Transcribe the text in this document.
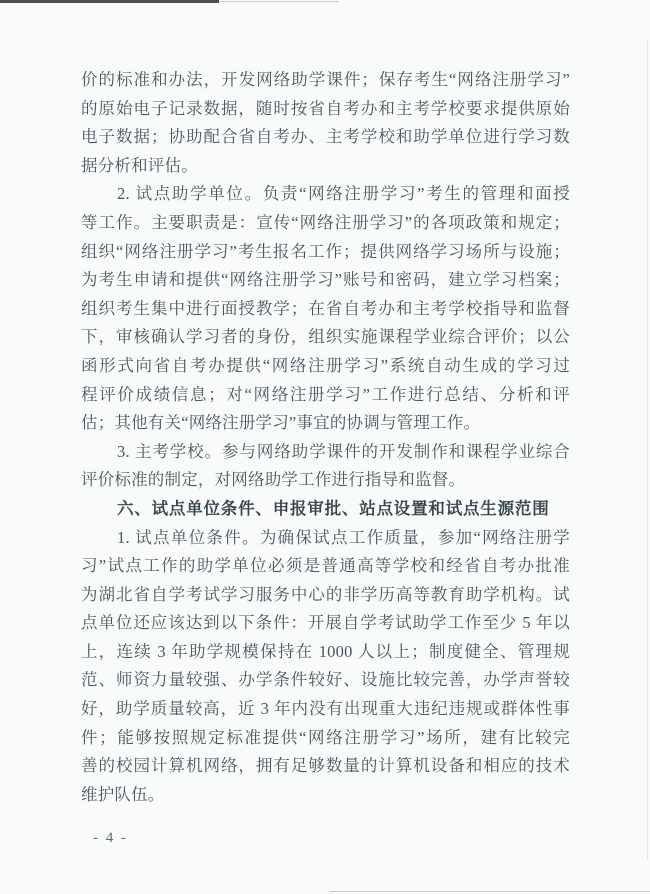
价的标准和办法，开发网络助学课件；保存考生“网络注册学习”
的原始电子记录数据，随时按省自考办和主考学校要求提供原始
电子数据；协助配合省自考办、主考学校和助学单位进行学习数
据分析和评估。
2. 试点助学单位。负责“网络注册学习”考生的管理和面授
等工作。主要职责是：宣传“网络注册学习”的各项政策和规定；
组织“网络注册学习”考生报名工作；提供网络学习场所与设施；
为考生申请和提供“网络注册学习”账号和密码，建立学习档案；
组织考生集中进行面授教学；在省自考办和主考学校指导和监督
下，审核确认学习者的身份，组织实施课程学业综合评价；以公
函形式向省自考办提供“网络注册学习”系统自动生成的学习过
程评价成绩信息；对“网络注册学习”工作进行总结、分析和评
估；其他有关“网络注册学习”事宜的协调与管理工作。
3. 主考学校。参与网络助学课件的开发制作和课程学业综合
评价标准的制定，对网络助学工作进行指导和监督。
六、试点单位条件、申报审批、站点设置和试点生源范围
1. 试点单位条件。为确保试点工作质量，参加“网络注册学
习”试点工作的助学单位必须是普通高等学校和经省自考办批准
为湖北省自学考试学习服务中心的非学历高等教育助学机构。试
点单位还应该达到以下条件：开展自学考试助学工作至少 5 年以
上，连续 3 年助学规模保持在 1000 人以上；制度健全、管理规
范、师资力量较强、办学条件较好、设施比较完善，办学声誉较
好，助学质量较高，近 3 年内没有出现重大违纪违规或群体性事
件；能够按照规定标准提供“网络注册学习”场所，建有比较完
善的校园计算机网络，拥有足够数量的计算机设备和相应的技术
维护队伍。
- 4 -
